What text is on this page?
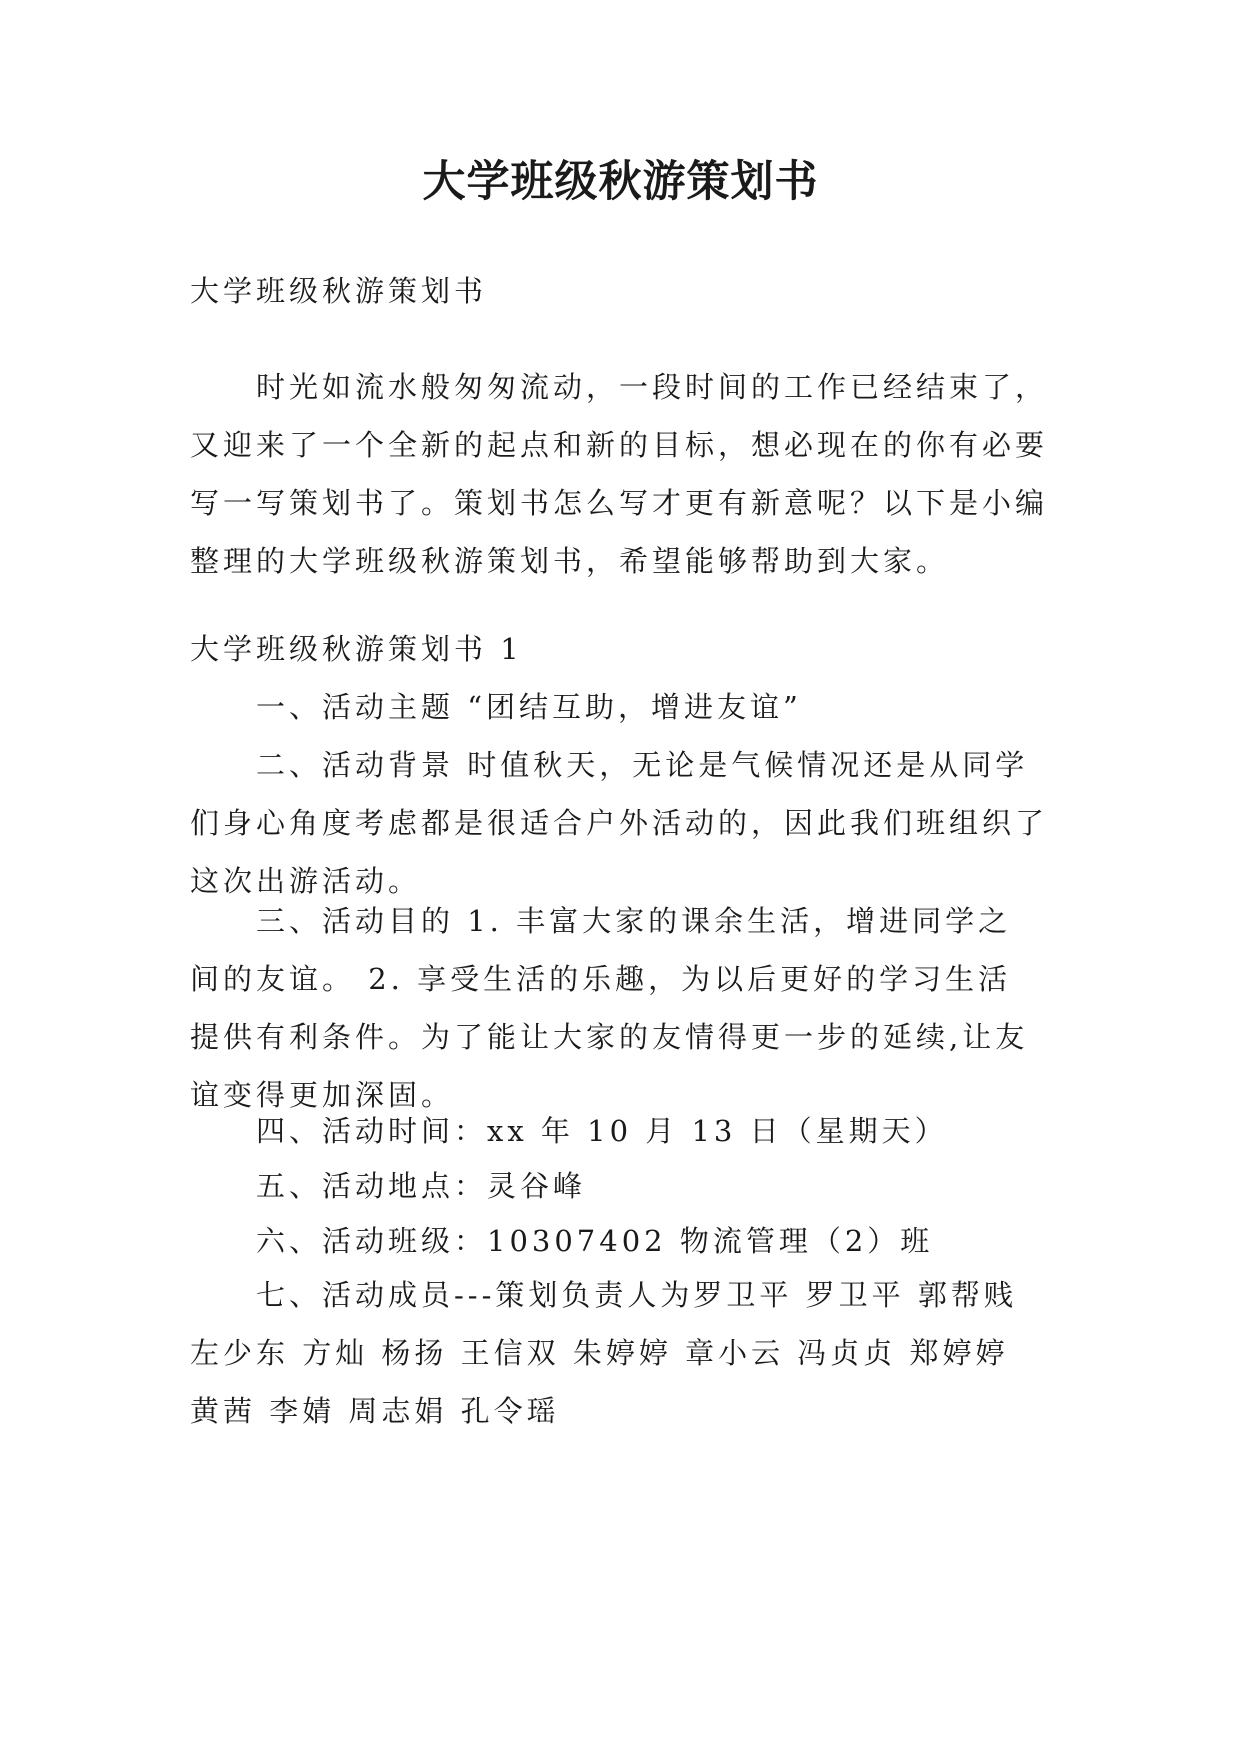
大学班级秋游策划书

大学班级秋游策划书

时光如流水般匆匆流动，一段时间的工作已经结束了，
又迎来了一个全新的起点和新的目标，想必现在的你有必要
写一写策划书了。策划书怎么写才更有新意呢？以下是小编
整理的大学班级秋游策划书，希望能够帮助到大家。

大学班级秋游策划书 1

一、活动主题 “团结互助，增进友谊”

二、活动背景 时值秋天，无论是气候情况还是从同学
们身心角度考虑都是很适合户外活动的，因此我们班组织了
这次出游活动。

三、活动目的 1. 丰富大家的课余生活，增进同学之
间的友谊。 2. 享受生活的乐趣，为以后更好的学习生活
提供有利条件。为了能让大家的友情得更一步的延续,让友
谊变得更加深固。

四、活动时间：xx 年 10 月 13 日（星期天）

五、活动地点：灵谷峰

六、活动班级：10307402 物流管理（2）班

七、活动成员---策划负责人为罗卫平 罗卫平 郭帮贱
左少东 方灿 杨扬 王信双 朱婷婷 章小云 冯贞贞 郑婷婷
黄茜 李婧 周志娟 孔令瑶
